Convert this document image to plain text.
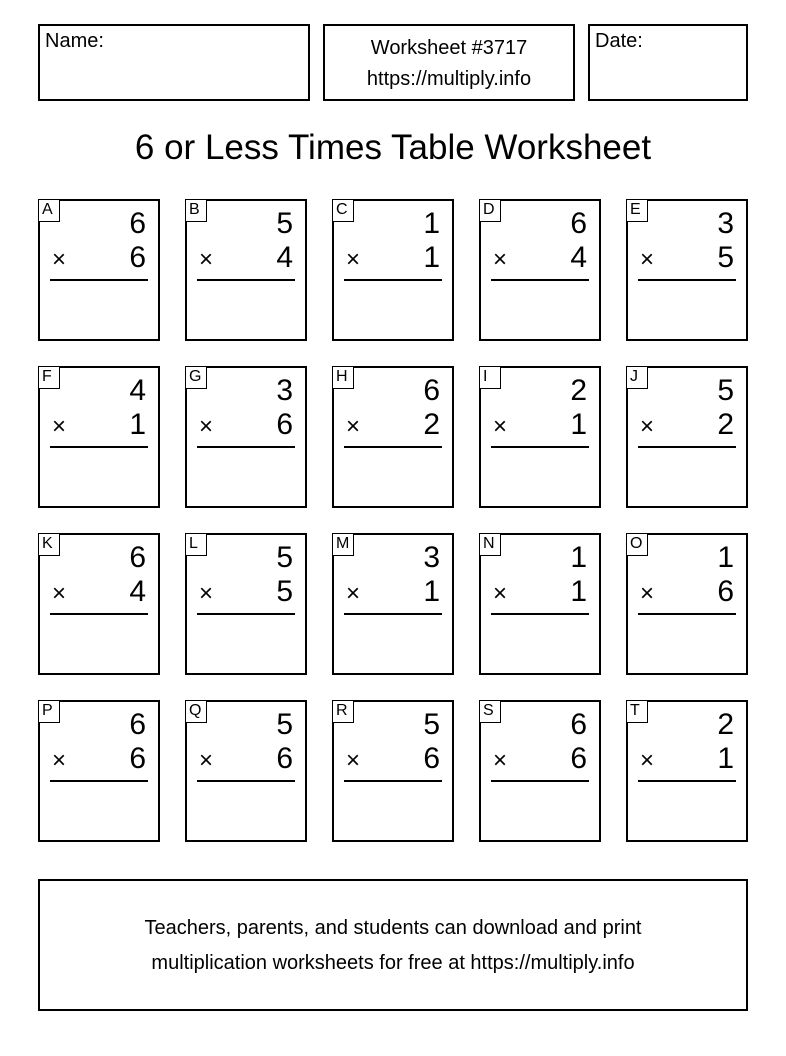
Name:	Worksheet #3717
https://multiply.info
Date:
6 or Less Times Table Worksheet
A	6
× 6
B	5
× 4
C	1
× 1
D	6
× 4
E	3
× 5
F	4
× 1
G 3
× 6
H	6
× 2
I	2
× 1
J	5
× 2
K	6
× 4
L	5
× 5
M 3
× 1
N	1
× 1
O 1
× 6
P	6
× 6
Q 5
× 6
R	5
× 6
S	6
× 6
T	2
× 1
Teachers, parents, and students can download and print
multiplication worksheets for free at https://multiply.info
